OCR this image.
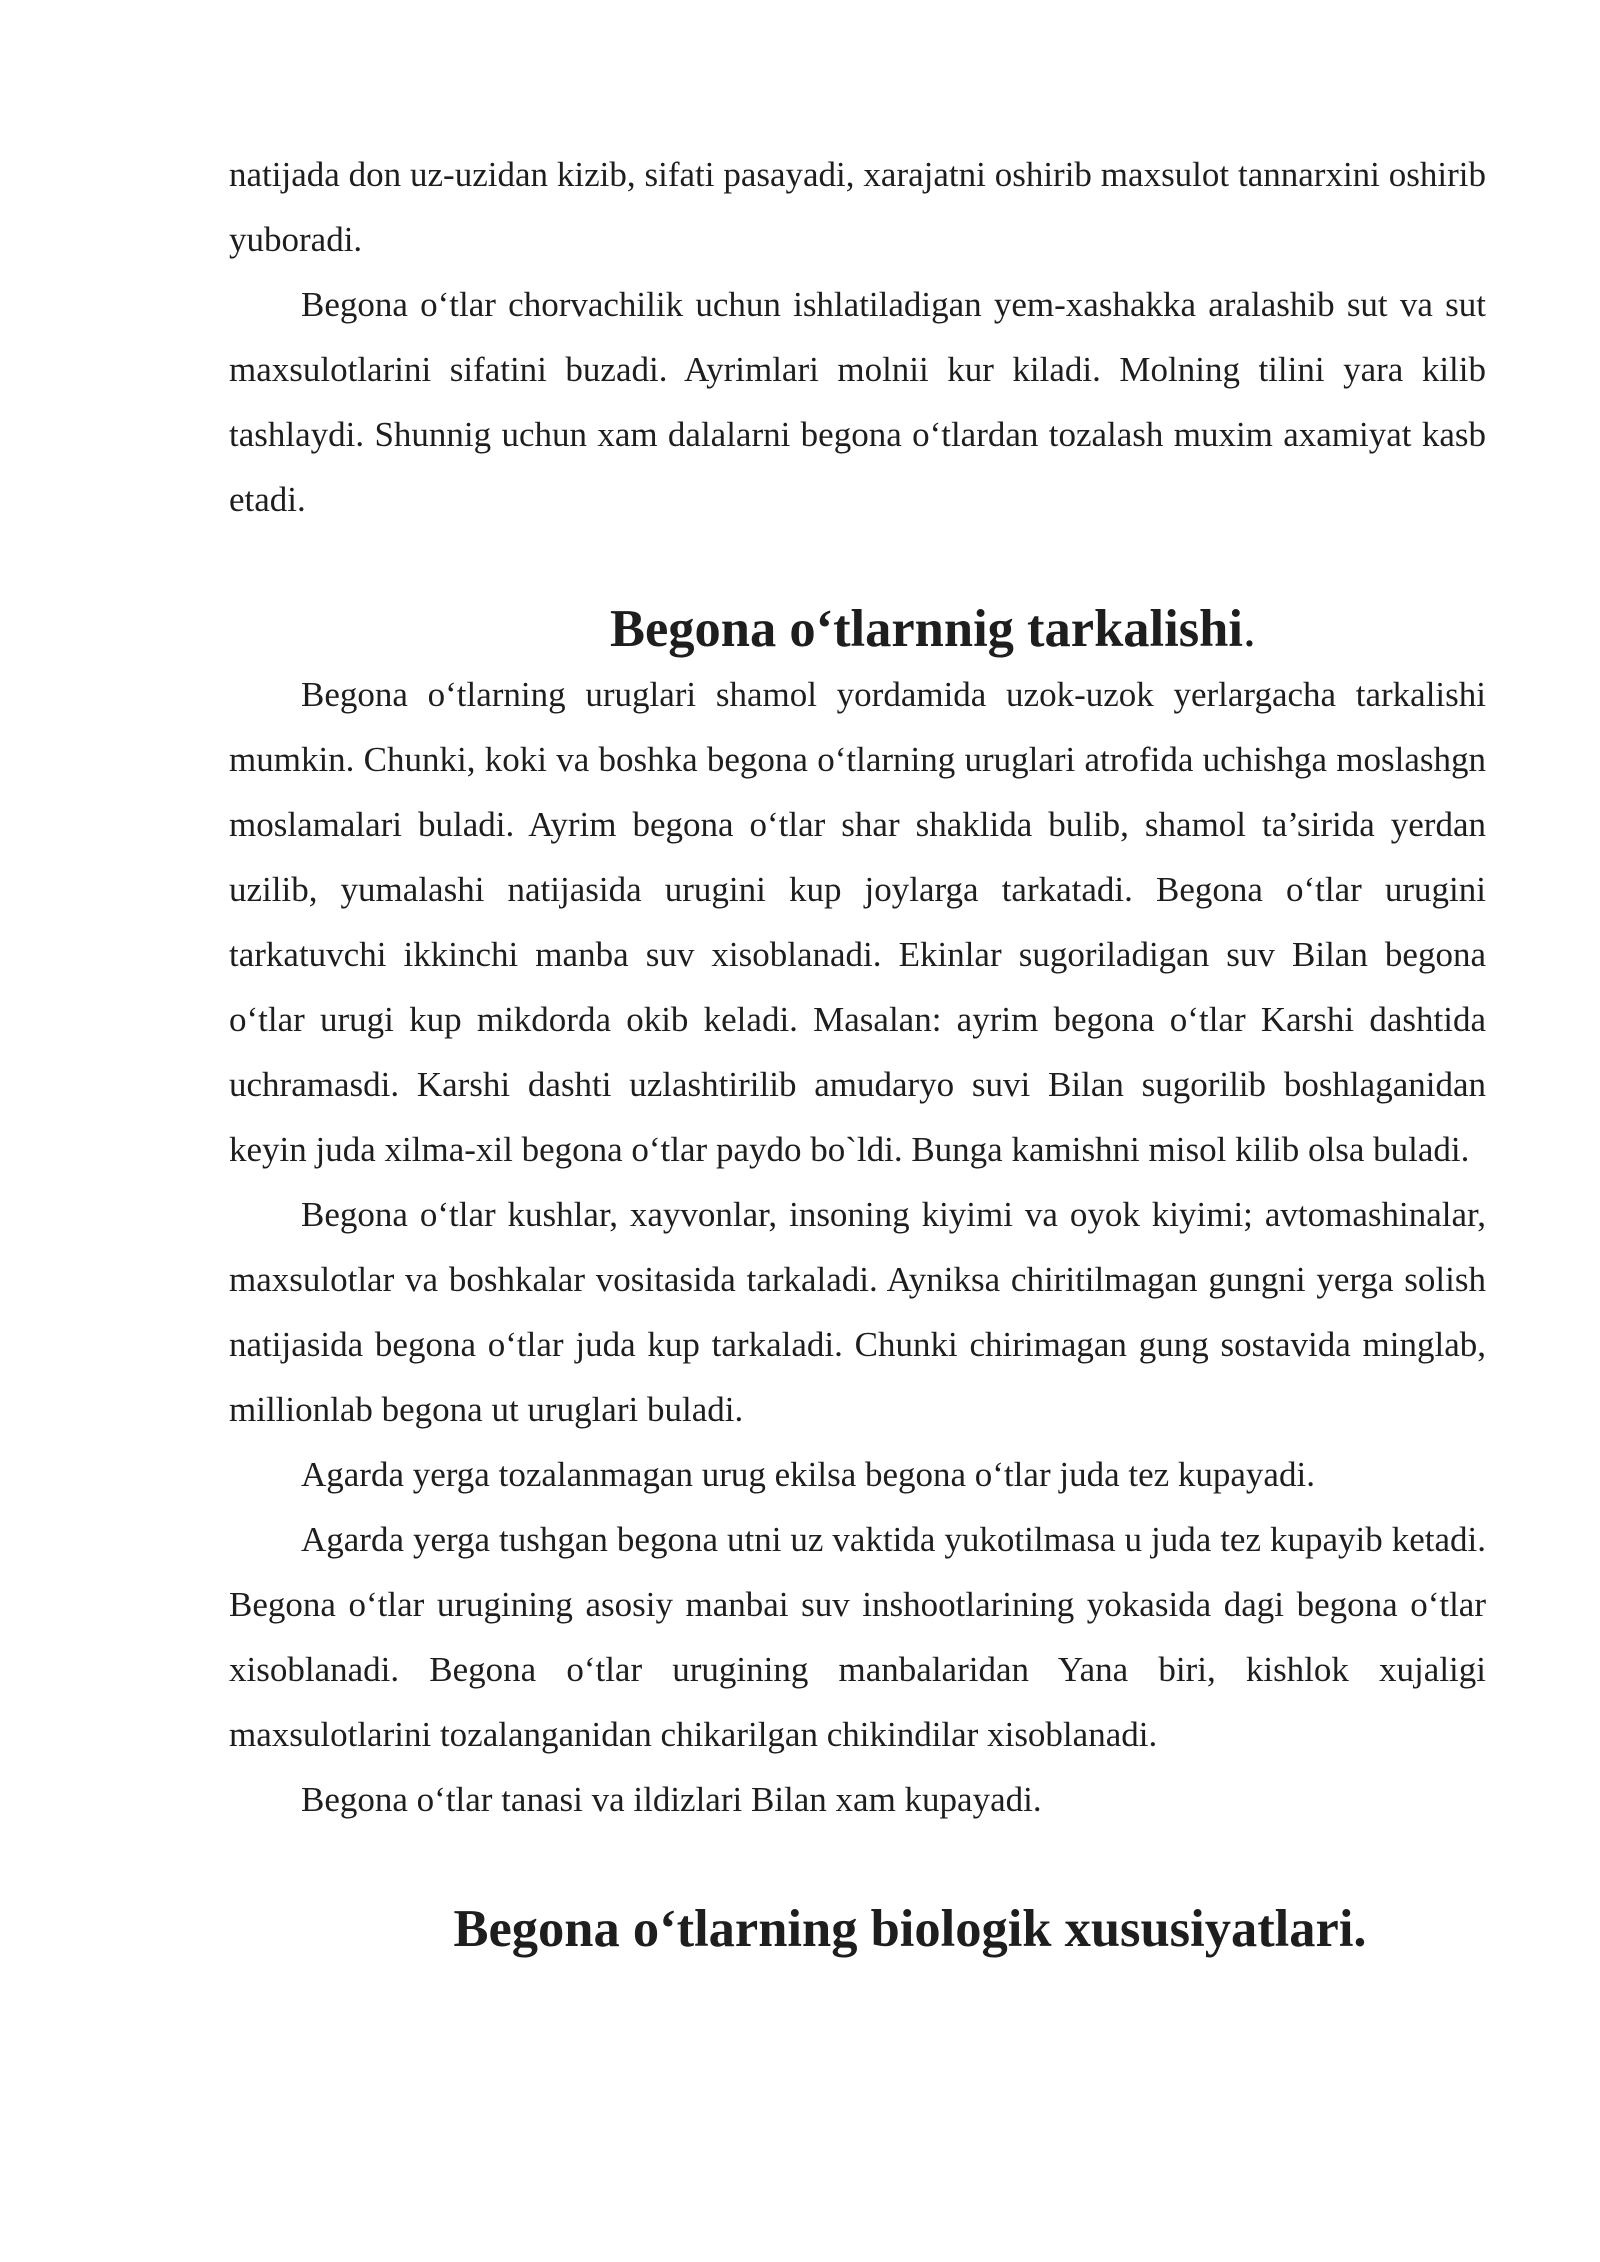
natijada don uz-uzidan kizib, sifati pasayadi, xarajatni oshirib maxsulot tannarxini oshirib yuboradi.

Begona o‘tlar chorvachilik uchun ishlatiladigan yem-xashakka aralashib sut va sut maxsulotlarini sifatini buzadi. Ayrimlari molnii kur kiladi. Molning tilini yara kilib tashlaydi. Shunnig uchun xam dalalarni begona o‘tlardan tozalash muxim axamiyat kasb etadi.

Begona o‘tlarnnig tarkalishi.

Begona o‘tlarning uruglari shamol yordamida uzok-uzok yerlargacha tarkalishi mumkin. Chunki, koki va boshka begona o‘tlarning uruglari atrofida uchishga moslashgn moslamalari buladi. Ayrim begona o‘tlar shar shaklida bulib, shamol ta’sirida yerdan uzilib, yumalashi natijasida urugini kup joylarga tarkatadi. Begona o‘tlar urugini tarkatuvchi ikkinchi manba suv xisoblanadi. Ekinlar sugoriladigan suv Bilan begona o‘tlar urugi kup mikdorda okib keladi. Masalan: ayrim begona o‘tlar Karshi dashtida uchramasdi. Karshi dashti uzlashtirilib amudaryo suvi Bilan sugorilib boshlaganidan keyin juda xilma-xil begona o‘tlar paydo bo`ldi. Bunga kamishni misol kilib olsa buladi.

Begona o‘tlar kushlar, xayvonlar, insoning kiyimi va oyok kiyimi; avtomashinalar, maxsulotlar va boshkalar vositasida tarkaladi. Ayniksa chiritilmagan gungni yerga solish natijasida begona o‘tlar juda kup tarkaladi. Chunki chirimagan gung sostavida minglab, millionlab begona ut uruglari buladi.

Agarda yerga tozalanmagan urug ekilsa begona o‘tlar juda tez kupayadi.

Agarda yerga tushgan begona utni uz vaktida yukotilmasa u juda tez kupayib ketadi. Begona o‘tlar urugining asosiy manbai suv inshootlarining yokasida dagi begona o‘tlar xisoblanadi. Begona o‘tlar urugining manbalaridan Yana biri, kishlok xujaligi maxsulotlarini tozalanganidan chikarilgan chikindilar xisoblanadi.

Begona o‘tlar tanasi va ildizlari Bilan xam kupayadi.

Begona o‘tlarning biologik xususiyatlari.
